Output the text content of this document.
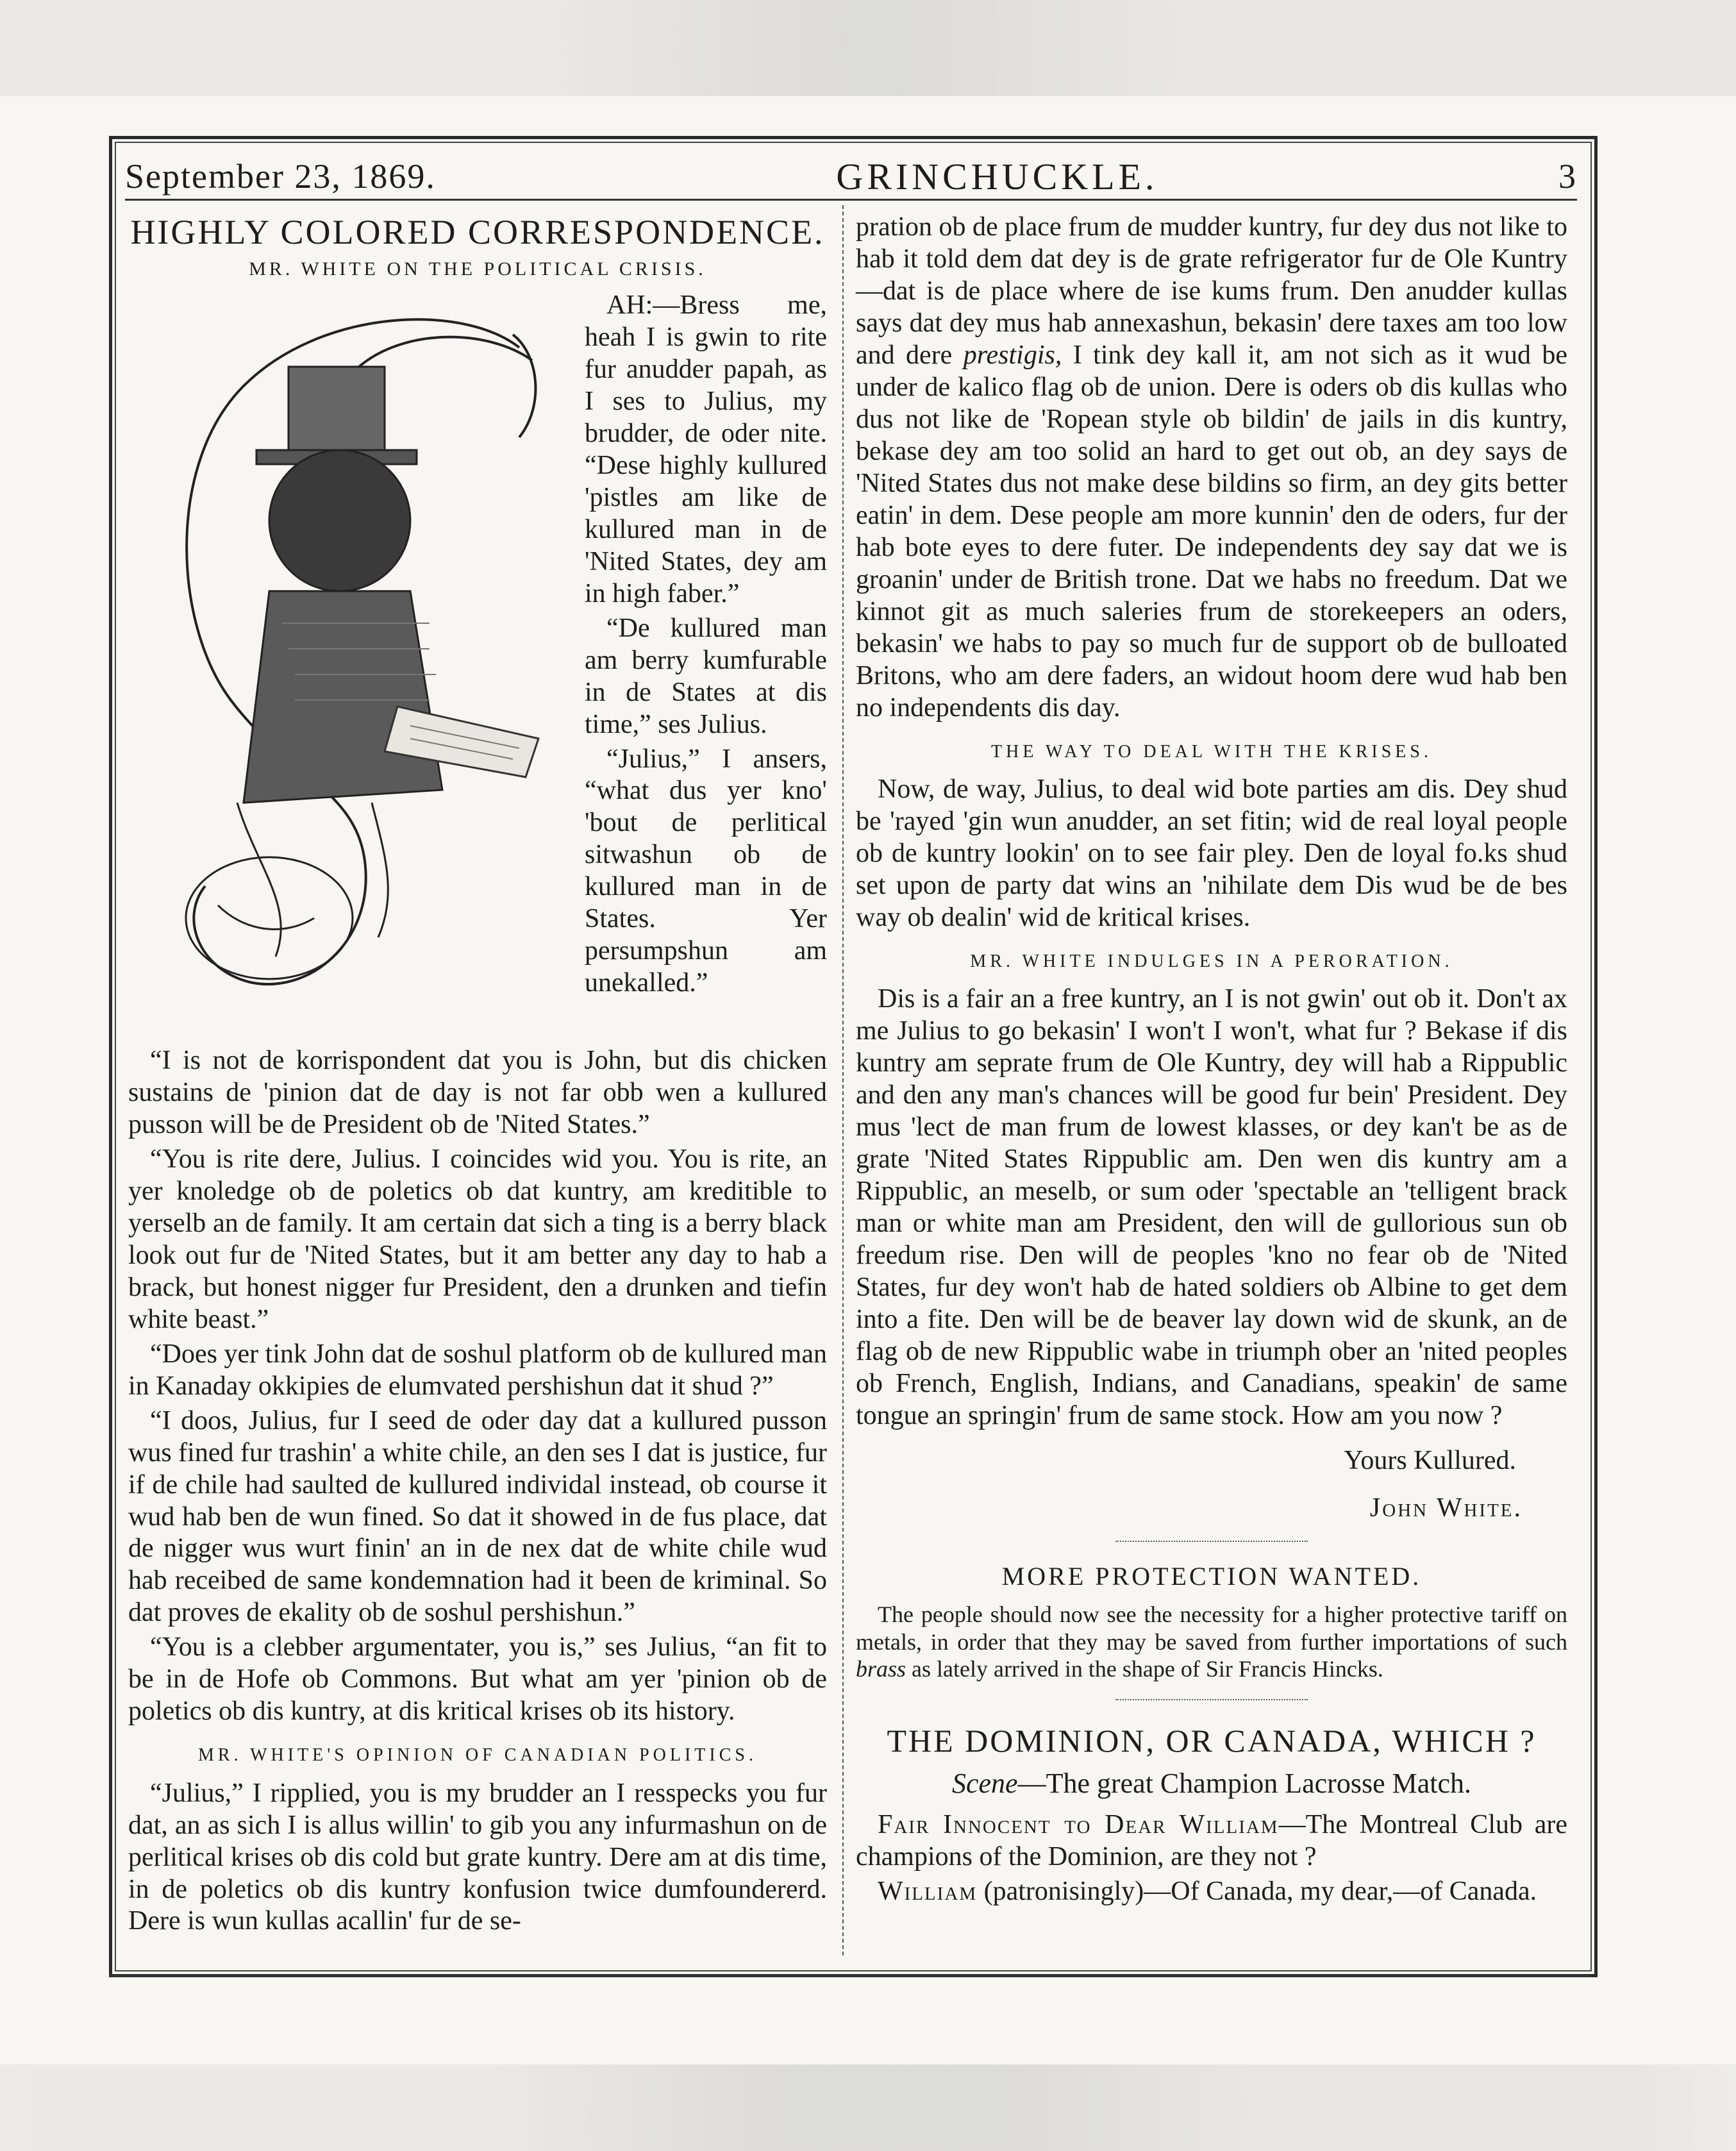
September 23, 1869.	GRINCHUCKLE.	3
HIGHLY COLORED CORRESPONDENCE.
MR. WHITE ON THE POLITICAL CRISIS.

AH:—Bress me, heah I is gwin to rite fur anudder papah, as I ses to Julius, my brudder, de oder nite. “Dese highly kullured 'pistles am like de kullured man in de 'Nited States, dey am in high faber.”

“De kullured man am berry kumfurable in de States at dis time,” ses Julius.

“Julius,” I ansers, “what dus yer kno' 'bout de perlitical sitwashun ob de kullured man in de States. Yer persumpshun am unekalled.”

“I is not de korrispondent dat you is John, but dis chicken sustains de 'pinion dat de day is not far obb wen a kullured pusson will be de President ob de 'Nited States.”

“You is rite dere, Julius. I coincides wid you. You is rite, an yer knoledge ob de poletics ob dat kuntry, am kreditible to yerselb an de family. It am certain dat sich a ting is a berry black look out fur de 'Nited States, but it am better any day to hab a brack, but honest nigger fur President, den a drunken and tiefin white beast.”

“Does yer tink John dat de soshul platform ob de kullured man in Kanaday okkipies de elumvated pershishun dat it shud ?”

“I doos, Julius, fur I seed de oder day dat a kullured pusson wus fined fur trashin' a white chile, an den ses I dat is justice, fur if de chile had saulted de kullured individal instead, ob course it wud hab ben de wun fined. So dat it showed in de fus place, dat de nigger wus wurt finin' an in de nex dat de white chile wud hab receibed de same kondemnation had it been de kriminal. So dat proves de ekality ob de soshul pershishun.”

“You is a clebber argumentater, you is,” ses Julius, “an fit to be in de Hofe ob Commons. But what am yer 'pinion ob de poletics ob dis kuntry, at dis kritical krises ob its history.

MR. WHITE'S OPINION OF CANADIAN POLITICS.

“Julius,” I ripplied, you is my brudder an I resspecks you fur dat, an as sich I is allus willin' to gib you any infurmashun on de perlitical krises ob dis cold but grate kuntry. Dere am at dis time, in de poletics ob dis kuntry konfusion twice dumfoundererd. Dere is wun kullas acallin' fur de se-

pration ob de place frum de mudder kuntry, fur dey dus not like to hab it told dem dat dey is de grate refrigerator fur de Ole Kuntry—dat is de place where de ise kums frum. Den anudder kullas says dat dey mus hab annexashun, bekasin' dere taxes am too low and dere prestigis, I tink dey kall it, am not sich as it wud be under de kalico flag ob de union. Dere is oders ob dis kullas who dus not like de 'Ropean style ob bildin' de jails in dis kuntry, bekase dey am too solid an hard to get out ob, an dey says de 'Nited States dus not make dese bildins so firm, an dey gits better eatin' in dem. Dese people am more kunnin' den de oders, fur der hab bote eyes to dere futer. De independents dey say dat we is groanin' under de British trone. Dat we habs no freedum. Dat we kinnot git as much saleries frum de storekeepers an oders, bekasin' we habs to pay so much fur de support ob de bulloated Britons, who am dere faders, an widout hoom dere wud hab ben no independents dis day.

THE WAY TO DEAL WITH THE KRISES.

Now, de way, Julius, to deal wid bote parties am dis. Dey shud be 'rayed 'gin wun anudder, an set fitin; wid de real loyal people ob de kuntry lookin' on to see fair pley. Den de loyal fo.ks shud set upon de party dat wins an 'nihilate dem Dis wud be de bes way ob dealin' wid de kritical krises.

MR. WHITE INDULGES IN A PERORATION.

Dis is a fair an a free kuntry, an I is not gwin' out ob it. Don't ax me Julius to go bekasin' I won't I won't, what fur ? Bekase if dis kuntry am seprate frum de Ole Kuntry, dey will hab a Rippublic and den any man's chances will be good fur bein' President. Dey mus 'lect de man frum de lowest klasses, or dey kan't be as de grate 'Nited States Rippublic am. Den wen dis kuntry am a Rippublic, an meselb, or sum oder 'spectable an 'telligent brack man or white man am President, den will de gullorious sun ob freedum rise. Den will de peoples 'kno no fear ob de 'Nited States, fur dey won't hab de hated soldiers ob Albine to get dem into a fite. Den will be de beaver lay down wid de skunk, an de flag ob de new Rippublic wabe in triumph ober an 'nited peoples ob French, English, Indians, and Canadians, speakin' de same tongue an springin' frum de same stock. How am you now ?

Yours Kullured.
John White.
MORE PROTECTION WANTED.

The people should now see the necessity for a higher protective tariff on metals, in order that they may be saved from further importations of such brass as lately arrived in the shape of Sir Francis Hincks.

THE DOMINION, OR CANADA, WHICH ?
Scene—The great Champion Lacrosse Match.

Fair Innocent to Dear William—The Montreal Club are champions of the Dominion, are they not ?

William (patronisingly)—Of Canada, my dear,—of Canada.
